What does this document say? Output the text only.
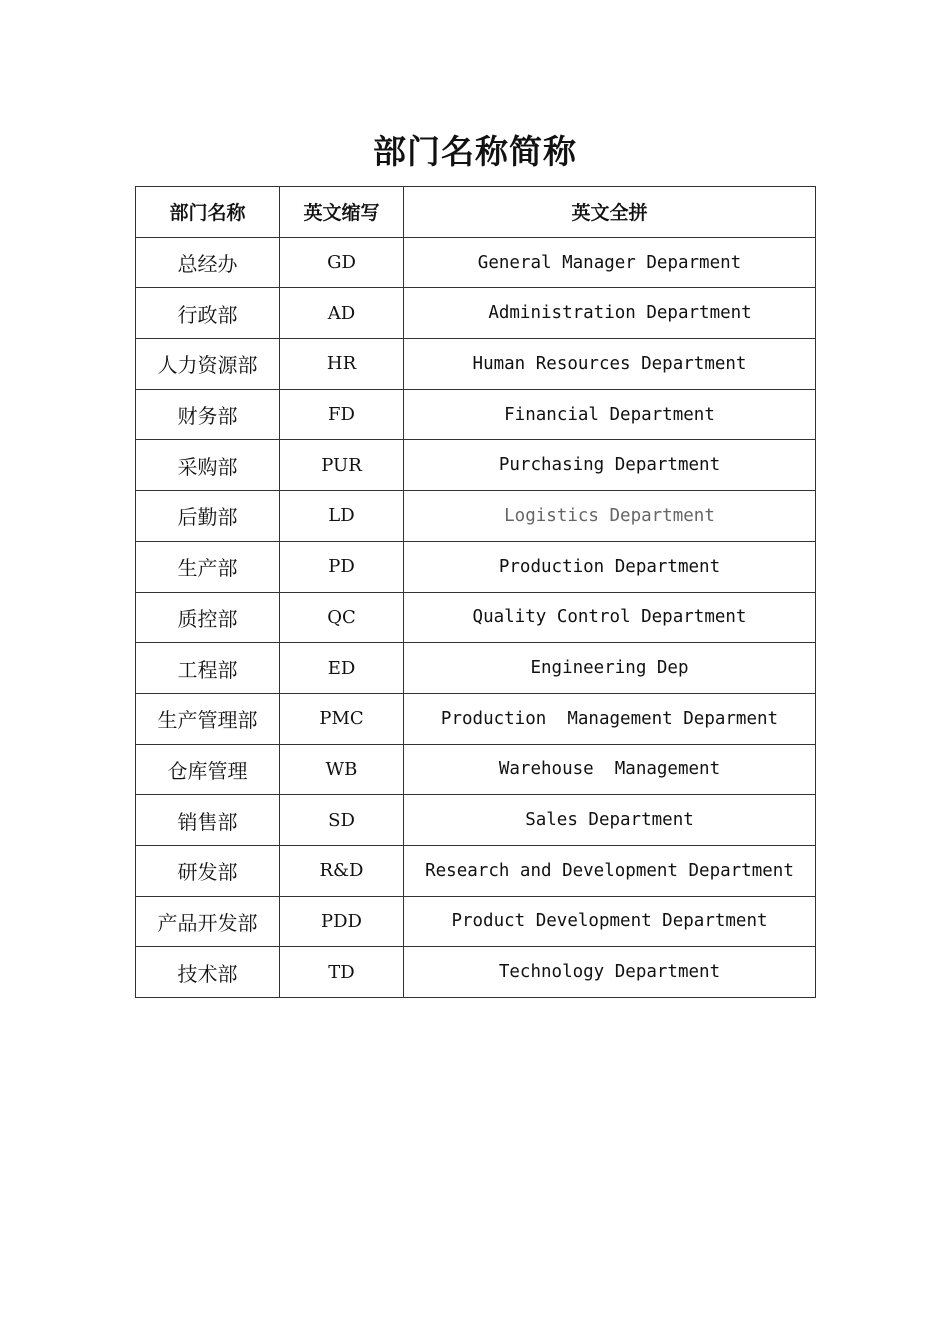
部门名称简称
部门名称	英文缩写	英文全拼
总经办	GD	General Manager Deparment
行政部	AD	Administration Department
人力资源部	HR	Human Resources Department
财务部	FD	Financial Department
采购部	PUR	Purchasing Department
后勤部	LD	Logistics Department
生产部	PD	Production Department
质控部	QC	Quality Control Department
工程部	ED	Engineering Dep
生产管理部	PMC	Production  Management Deparment
仓库管理	WB	Warehouse  Management
销售部	SD	Sales Department
研发部	R&D	Research and Development Department
产品开发部	PDD	Product Development Department
技术部	TD	Technology Department
